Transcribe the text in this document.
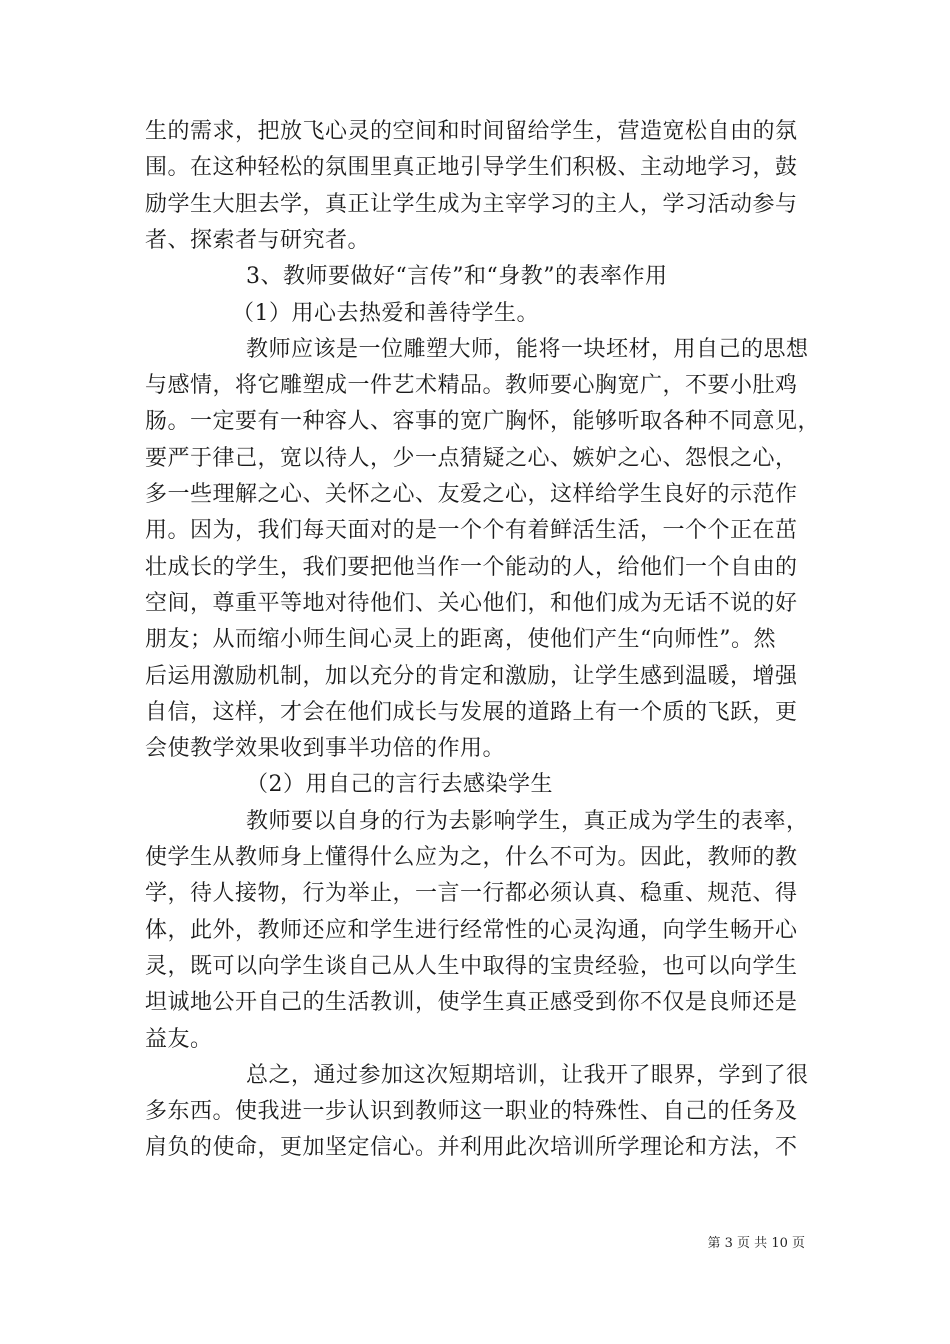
生的需求，把放飞心灵的空间和时间留给学生，营造宽松自由的氛
围。在这种轻松的氛围里真正地引导学生们积极、主动地学习，鼓
励学生大胆去学，真正让学生成为主宰学习的主人，学习活动参与
者、探索者与研究者。
3、教师要做好“言传”和“身教”的表率作用
（1）用心去热爱和善待学生。
教师应该是一位雕塑大师，能将一块坯材，用自己的思想
与感情，将它雕塑成一件艺术精品。教师要心胸宽广，不要小肚鸡
肠。一定要有一种容人、容事的宽广胸怀，能够听取各种不同意见，
要严于律己，宽以待人，少一点猜疑之心、嫉妒之心、怨恨之心，
多一些理解之心、关怀之心、友爱之心，这样给学生良好的示范作
用。因为，我们每天面对的是一个个有着鲜活生活，一个个正在茁
壮成长的学生，我们要把他当作一个能动的人，给他们一个自由的
空间，尊重平等地对待他们、关心他们，和他们成为无话不说的好
朋友；从而缩小师生间心灵上的距离，使他们产生“向师性”。然
后运用激励机制，加以充分的肯定和激励，让学生感到温暖，增强
自信，这样，才会在他们成长与发展的道路上有一个质的飞跃，更
会使教学效果收到事半功倍的作用。
（2）用自己的言行去感染学生
教师要以自身的行为去影响学生，真正成为学生的表率，
使学生从教师身上懂得什么应为之，什么不可为。因此，教师的教
学，待人接物，行为举止，一言一行都必须认真、稳重、规范、得
体，此外，教师还应和学生进行经常性的心灵沟通，向学生畅开心
灵，既可以向学生谈自己从人生中取得的宝贵经验，也可以向学生
坦诚地公开自己的生活教训，使学生真正感受到你不仅是良师还是
益友。
总之，通过参加这次短期培训，让我开了眼界，学到了很
多东西。使我进一步认识到教师这一职业的特殊性、自己的任务及
肩负的使命，更加坚定信心。并利用此次培训所学理论和方法，不
第 3 页 共 10 页
